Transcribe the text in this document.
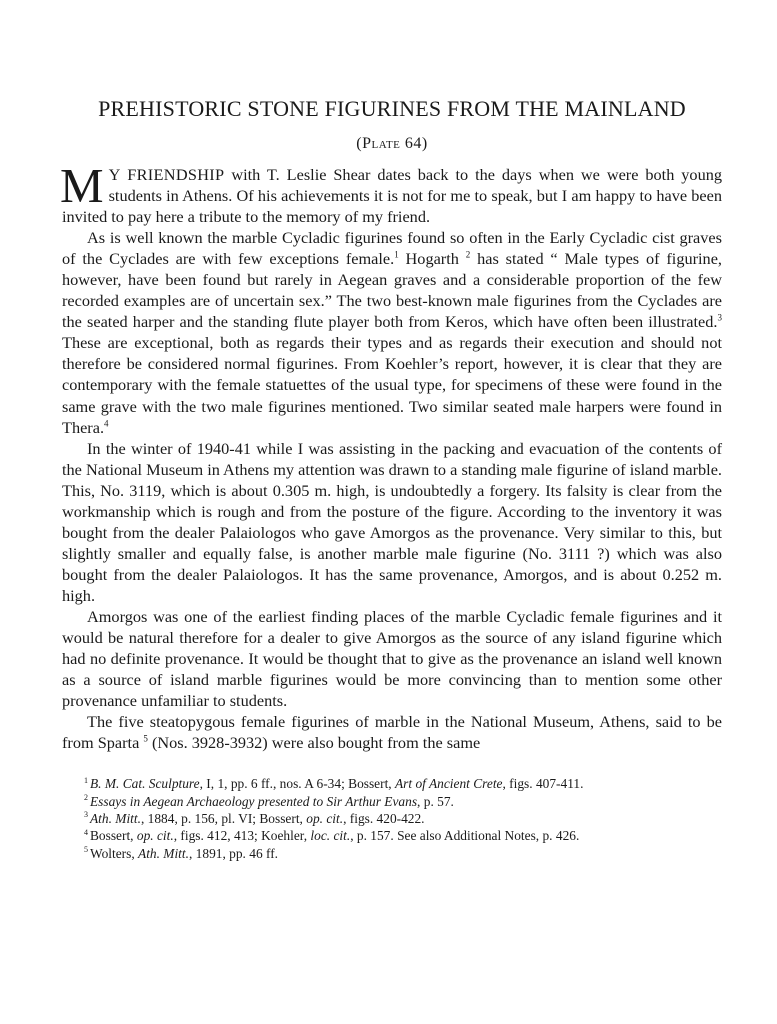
PREHISTORIC STONE FIGURINES FROM THE MAINLAND
(Plate 64)

M Y FRIENDSHIP with T. Leslie Shear dates back to the days when we were both young students in Athens. Of his achievements it is not for me to speak, but I am happy to have been invited to pay here a tribute to the memory of my friend.

As is well known the marble Cycladic figurines found so often in the Early Cycladic cist graves of the Cyclades are with few exceptions female.$^1$ Hogarth $^2$ has stated “ Male types of figurine, however, have been found but rarely in Aegean graves and a considerable proportion of the few recorded examples are of uncertain sex.” The two best-known male figurines from the Cyclades are the seated harper and the standing flute player both from Keros, which have often been illustrated.$^3$ These are exceptional, both as regards their types and as regards their execution and should not therefore be considered normal figurines. From Koehler’s report, however, it is clear that they are contemporary with the female statuettes of the usual type, for specimens of these were found in the same grave with the two male figurines mentioned. Two similar seated male harpers were found in Thera.$^4$

In the winter of 1940-41 while I was assisting in the packing and evacuation of the contents of the National Museum in Athens my attention was drawn to a standing male figurine of island marble. This, No. 3119, which is about 0.305 m. high, is undoubtedly a forgery. Its falsity is clear from the workmanship which is rough and from the posture of the figure. According to the inventory it was bought from the dealer Palaiologos who gave Amorgos as the provenance. Very similar to this, but slightly smaller and equally false, is another marble male figurine (No. 3111 ?) which was also bought from the dealer Palaiologos. It has the same provenance, Amorgos, and is about 0.252 m. high.

Amorgos was one of the earliest finding places of the marble Cycladic female figurines and it would be natural therefore for a dealer to give Amorgos as the source of any island figurine which had no definite provenance. It would be thought that to give as the provenance an island well known as a source of island marble figurines would be more convincing than to mention some other provenance unfamiliar to students.

The five steatopygous female figurines of marble in the National Museum, Athens, said to be from Sparta $^5$ (Nos. 3928-3932) were also bought from the same

$^1$ B. M. Cat. Sculpture, I, 1, pp. 6 ff., nos. A 6-34; Bossert, Art of Ancient Crete, figs. 407-411.

$^2$ Essays in Aegean Archaeology presented to Sir Arthur Evans, p. 57.

$^3$ Ath. Mitt., 1884, p. 156, pl. VI; Bossert, op. cit., figs. 420-422.

$^4$ Bossert, op. cit., figs. 412, 413; Koehler, loc. cit., p. 157. See also Additional Notes, p. 426.

$^5$ Wolters, Ath. Mitt., 1891, pp. 46 ff.
